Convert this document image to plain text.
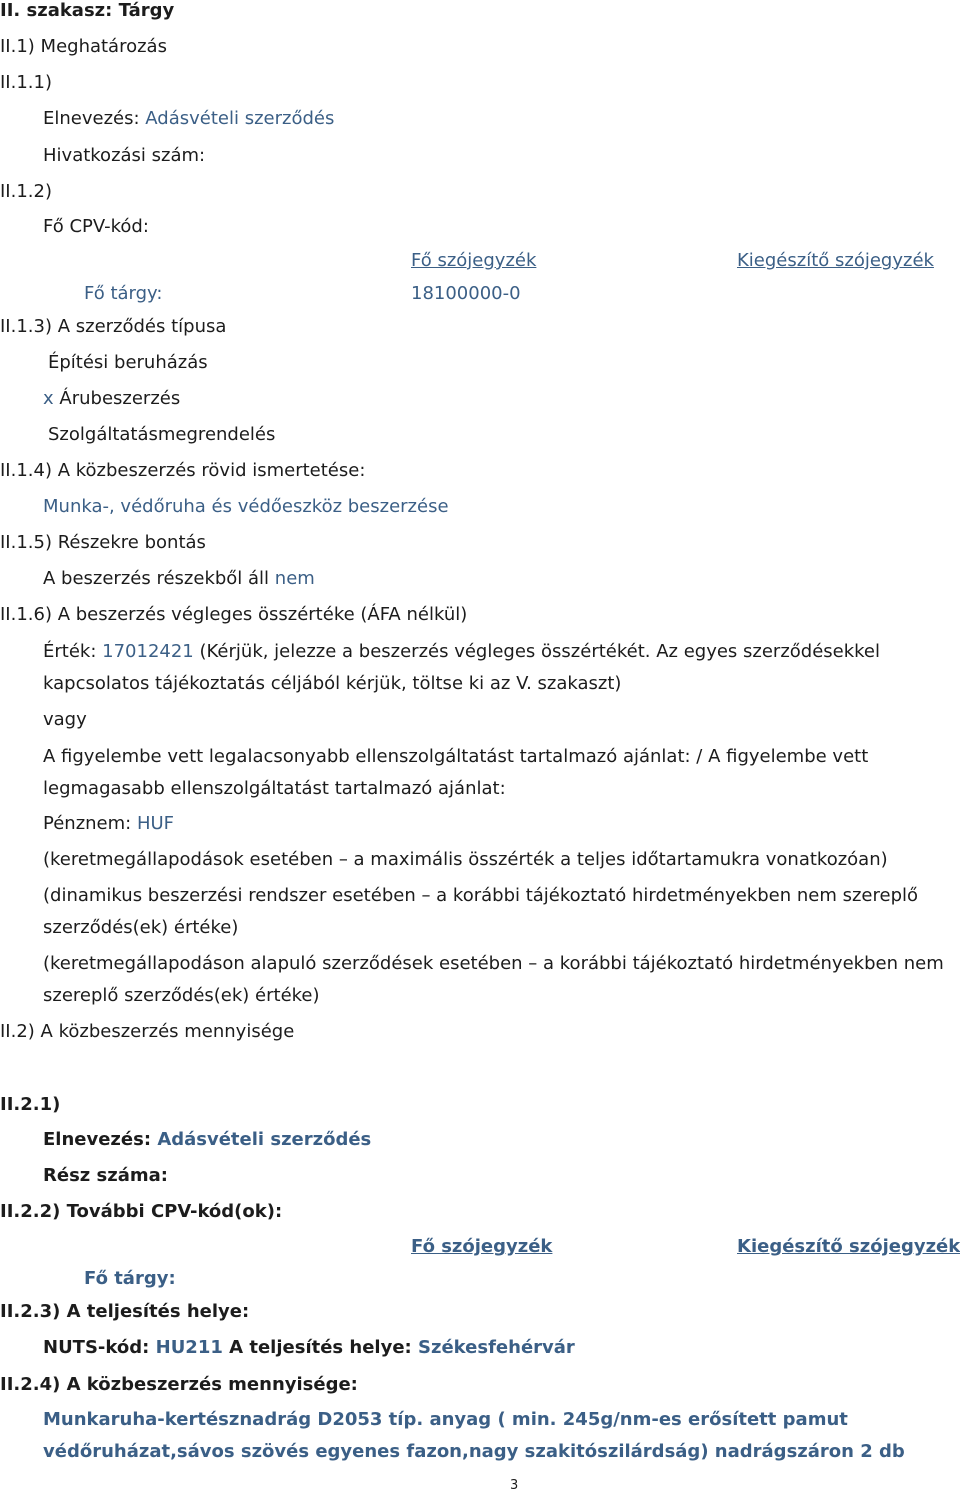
II. szakasz: Tárgy
II.1) Meghatározás
II.1.1)
Elnevezés: Adásvételi szerződés
Hivatkozási szám:
II.1.2)
Fő CPV-kód:
Fő szójegyzék	Kiegészítő szójegyzék
Fő tárgy:	18100000-0
II.1.3) A szerződés típusa
Építési beruházás
x Árubeszerzés
Szolgáltatásmegrendelés
II.1.4) A közbeszerzés rövid ismertetése:
Munka-, védőruha és védőeszköz beszerzése
II.1.5) Részekre bontás
A beszerzés részekből áll nem
II.1.6) A beszerzés végleges összértéke (ÁFA nélkül)
Érték: 17012421 (Kérjük, jelezze a beszerzés végleges összértékét. Az egyes szerződésekkel kapcsolatos tájékoztatás céljából kérjük, töltse ki az V. szakaszt)
vagy
A figyelembe vett legalacsonyabb ellenszolgáltatást tartalmazó ajánlat: / A figyelembe vett legmagasabb ellenszolgáltatást tartalmazó ajánlat:
Pénznem: HUF
(keretmegállapodások esetében – a maximális összérték a teljes időtartamukra vonatkozóan)
(dinamikus beszerzési rendszer esetében – a korábbi tájékoztató hirdetményekben nem szereplő szerződés(ek) értéke)
(keretmegállapodáson alapuló szerződések esetében – a korábbi tájékoztató hirdetményekben nem szereplő szerződés(ek) értéke)
II.2) A közbeszerzés mennyisége
II.2.1)
Elnevezés: Adásvételi szerződés
Rész száma:
II.2.2) További CPV-kód(ok):
Fő szójegyzék	Kiegészítő szójegyzék
Fő tárgy:
II.2.3) A teljesítés helye:
NUTS-kód: HU211 A teljesítés helye: Székesfehérvár
II.2.4) A közbeszerzés mennyisége:
Munkaruha-kertésznadrág D2053 típ. anyag ( min. 245g/nm-es erősített pamut védőruházat,sávos szövés egyenes fazon,nagy szakitószilárdság) nadrágszáron 2 db
3
